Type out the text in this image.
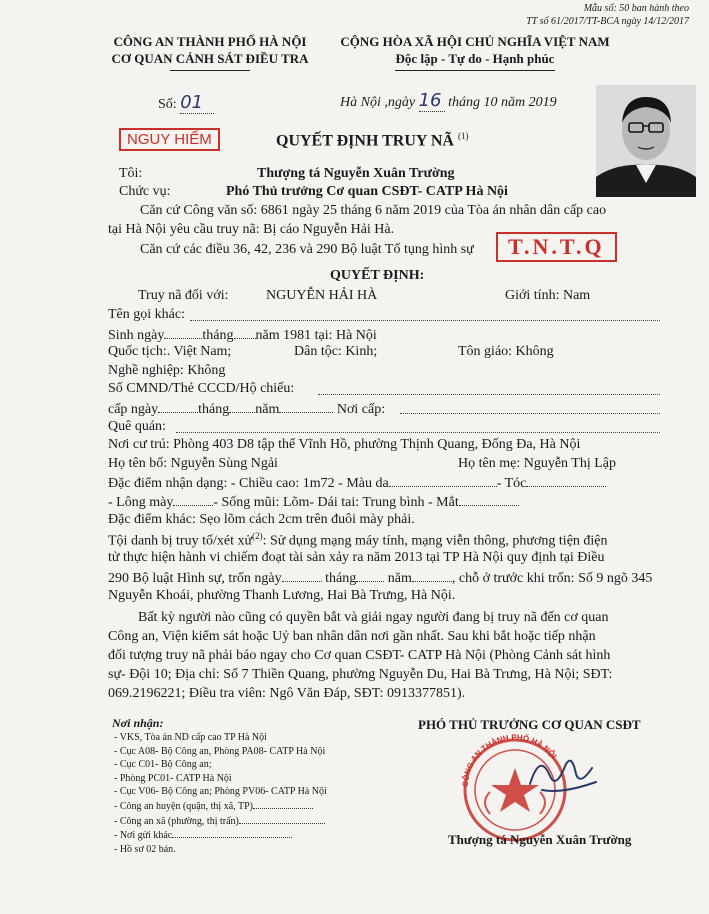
Mẫu số: 50 ban hành theo
TT số 61/2017/TT-BCA ngày 14/12/2017
CÔNG AN THÀNH PHỐ HÀ NỘI
CƠ QUAN CẢNH SÁT ĐIỀU TRA
CỘNG HÒA XÃ HỘI CHỦ NGHĨA VIỆT NAM
Độc lập - Tự do - Hạnh phúc
Số: 01	Hà Nội ,ngày 16 tháng 10 năm 2019
NGUY HIỂM	QUYẾT ĐỊNH TRUY NÃ $^{(1)}$
Tôi:	Thượng tá Nguyễn Xuân Trường
Chức vụ:	Phó Thủ trưởng Cơ quan CSĐT- CATP Hà Nội
Căn cứ Công văn số: 6861 ngày 25 tháng 6 năm 2019 của Tòa án nhân dân cấp cao
tại Hà Nội yêu cầu truy nã: Bị cáo Nguyễn Hải Hà.
Căn cứ các điều 36, 42, 236 và 290 Bộ luật Tố tụng hình sự	T.N.T.Q
QUYẾT ĐỊNH:
Truy nã đối với:	NGUYỄN HẢI HÀ	Giới tính: Nam
Tên gọi khác:
Sinh ngày	tháng năm 1981 tại: Hà Nội
Quốc tịch:. Việt Nam;	Dân tộc: Kinh;	Tôn giáo: Không
Nghề nghiệp: Không
Số CMND/Thẻ CCCD/Hộ chiếu:
cấp ngày	tháng năm	Nơi cấp:
Quê quán:
Nơi cư trú: Phòng 403 D8 tập thể Vĩnh Hồ, phường Thịnh Quang, Đống Đa, Hà Nội
Họ tên bố: Nguyễn Sùng Ngải	Họ tên mẹ: Nguyễn Thị Lập
Đặc điểm nhận dạng: - Chiều cao: 1m72 - Màu da	- Tóc
- Lông mày	- Sống mũi: Lõm- Dái tai: Trung bình - Mắt
Đặc điểm khác: Sẹo lõm cách 2cm trên đuôi mày phải.
Tội danh bị truy tố/xét xử$^{(2)}$: Sử dụng mạng máy tính, mạng viễn thông, phương tiện điện
tử thực hiện hành vi chiếm đoạt tài sản xảy ra năm 2013 tại TP Hà Nội quy định tại Điều
290 Bộ luật Hình sự, trốn ngày	tháng năm	, chỗ ở trước khi trốn: Số 9 ngõ 345
Nguyễn Khoái, phường Thanh Lương, Hai Bà Trưng, Hà Nội.
Bất kỳ người nào cũng có quyền bắt và giải ngay người đang bị truy nã đến cơ quan
Công an, Viện kiểm sát hoặc Uỷ ban nhân dân nơi gần nhất. Sau khi bắt hoặc tiếp nhận
đối tượng truy nã phải báo ngay cho Cơ quan CSĐT- CATP Hà Nội (Phòng Cảnh sát hình
sự- Đội 10; Địa chỉ: Số 7 Thiền Quang, phường Nguyễn Du, Hai Bà Trưng, Hà Nội; SĐT:
069.2196221; Điều tra viên: Ngô Văn Đáp, SĐT: 0913377851).
Nơi nhận:
- VKS, Tòa án ND cấp cao TP Hà Nội
- Cục A08- Bộ Công an, Phòng PA08- CATP Hà Nội
- Cục C01- Bộ Công an;
- Phòng PC01- CATP Hà Nội
- Cục V06- Bộ Công an; Phòng PV06- CATP Hà Nội
- Công an huyện (quận, thị xã, TP)
- Công an xã (phường, thị trấn)
- Nơi gửi khác
- Hồ sơ 02 bản.
PHÓ THỦ TRƯỞNG CƠ QUAN CSĐT
CÔNG AN THÀNH PHỐ HÀ NỘI
Thượng tá Nguyễn Xuân Trường
